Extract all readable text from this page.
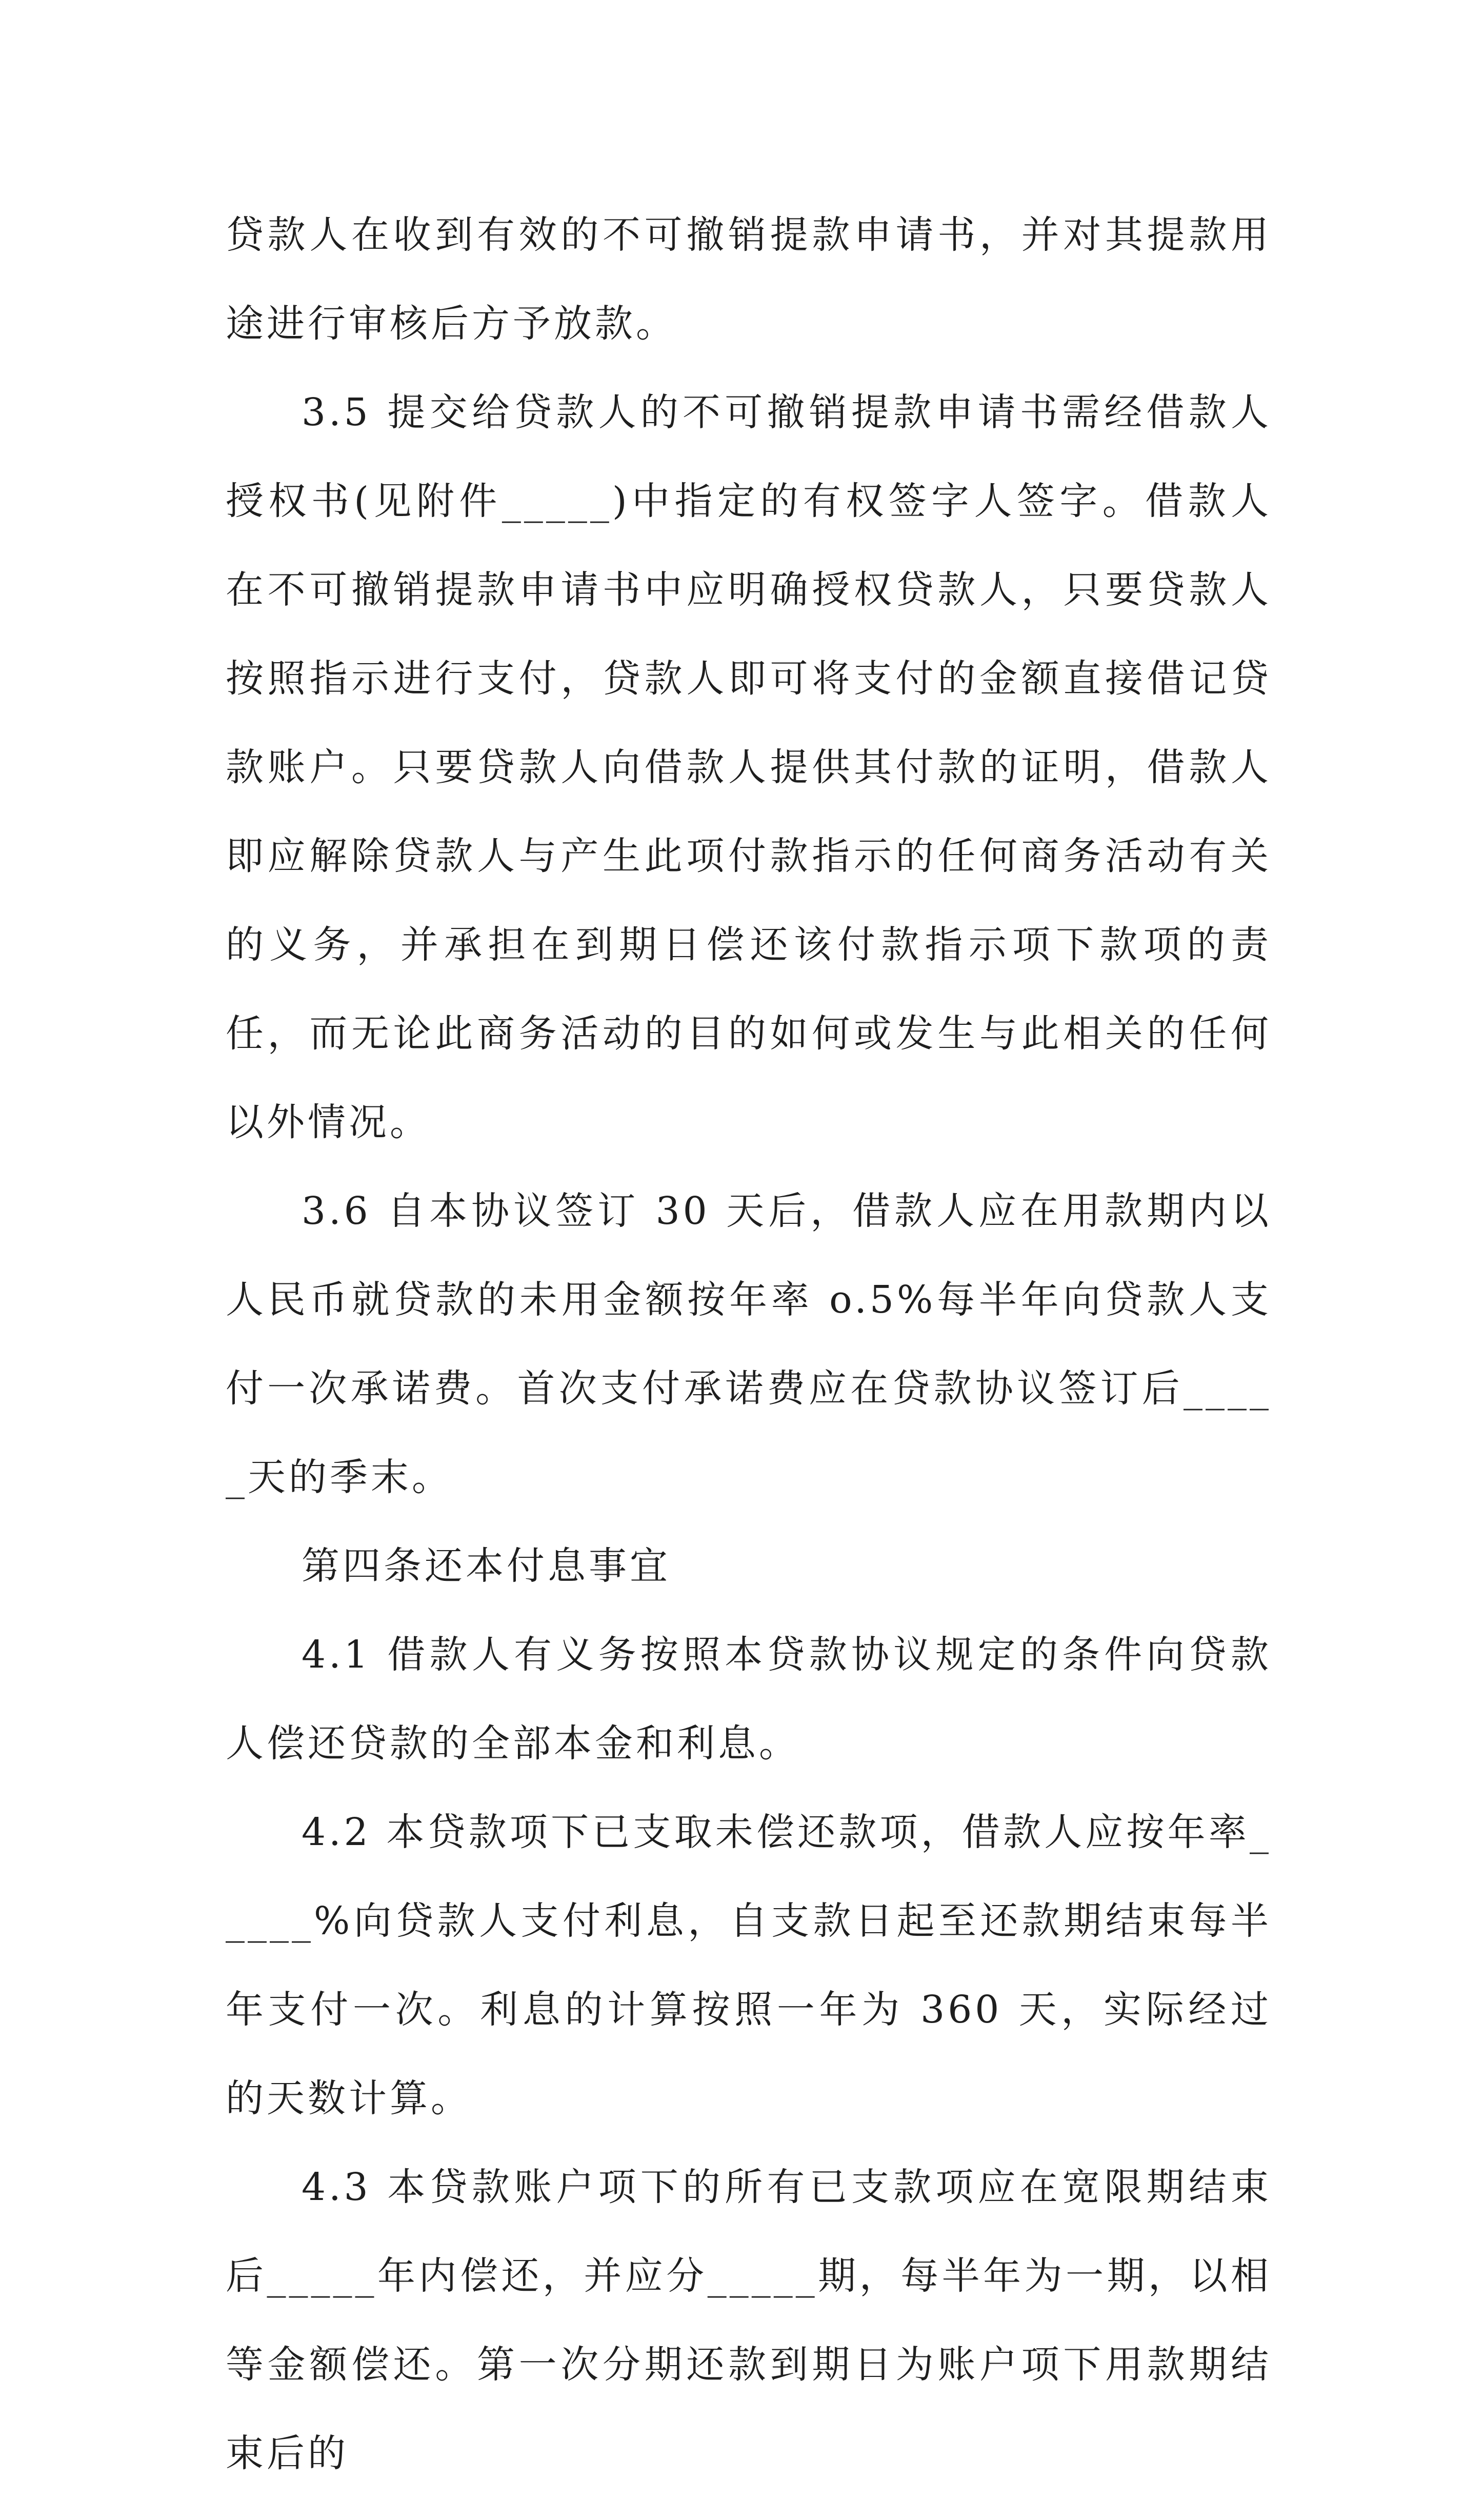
贷款人在收到有效的不可撤销提款申请书，并对其提款用途进行审核后方予放款。

3.5 提交给贷款人的不可撤销提款申请书需经借款人授权书(见附件_____)中指定的有权签字人签字。借款人在不可撤销提款申请书中应明确授权贷款人，只要贷款人按照指示进行支付，贷款人即可将支付的金额直接借记贷款账户。只要贷款人向借款人提供其付款的证明，借款人即应解除贷款人与产生此项付款指示的任何商务活动有关的义务，并承担在到期日偿还该付款指示项下款项的责任，而无论此商务活动的目的如何或发生与此相关的任何以外情况。

3.6 自本协议签订 30 天后，借款人应在用款期内以人民币就贷款的未用金额按年率 o.5%每半年向贷款人支付一次承诺费。首次支付承诺费应在贷款协议签订后_____天的季末。

第四条还本付息事宜

4.1 借款人有义务按照本贷款协议规定的条件向贷款人偿还贷款的全部本金和利息。

4.2 本贷款项下已支取未偿还款项，借款人应按年率_____%向贷款人支付利息，自支款日起至还款期结束每半年支付一次。利息的计算按照一年为 360 天，实际经过的天数计算。

4.3 本贷款账户项下的所有已支款项应在宽限期结束后_____年内偿还，并应分_____期，每半年为一期，以相等金额偿还。第一次分期还款到期日为账户项下用款期结束后的
